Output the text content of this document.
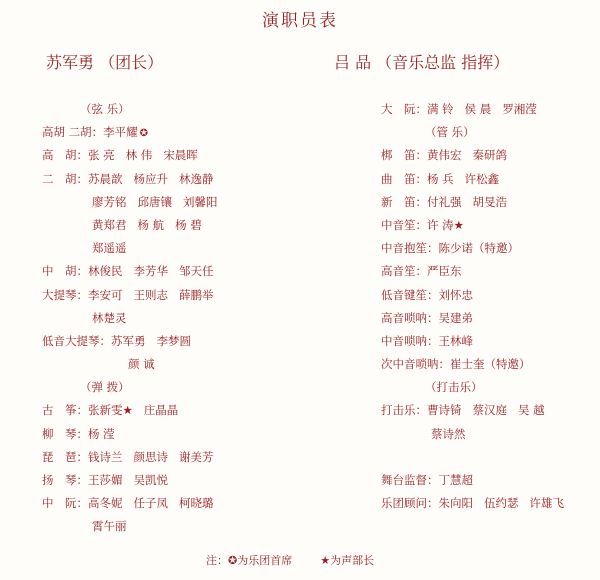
演职员表
苏军勇 （团长）	吕 品 （音乐总监 指挥）
（弦 乐）
高胡 二胡：李平耀 ✪
高　胡：张 亮 林 伟 宋晨晖
二　胡：苏晨歆 杨应升 林逸静
廖芳铭 邱唐镶 刘馨阳
黄郑君 杨 航 杨 碧
郑遥遥
中　胡：林俊民 李芳华 邹天任
大提琴：李安可 王则志 薛鹏举
林楚灵
低音大提琴：苏军勇 李梦圆
颜 诚
（弹 拨）
古　筝：张新雯★ 庄晶晶
柳　琴：杨 滢
琵　琶：钱诗兰 颜思诗 谢美芳
扬　琴：王莎媚 吴凯悦
中　阮：高冬妮 任子凤 柯晓璐
霄午丽
大　阮：满 铃 侯 晨 罗湘滢
（管 乐）
梆　笛：黄伟宏 秦研鸽
曲　笛：杨 兵 许松鑫
新　笛：付礼强 胡旻浩
中音笙：许 涛★
中音抱笙：陈少诺（特邀）
高音笙：严臣东
低音键笙：刘怀忠
高音唢呐：吴建弟
中音唢呐：王林峰
次中音唢呐：崔士奎（特邀）
（打击乐）
打击乐：曹诗锜 蔡汉庭 吴 越
蔡诗然
舞台监督：丁慧超
乐团顾问：朱向阳 伍约瑟 许雄飞
注：✪为乐团首席	★为声部长
